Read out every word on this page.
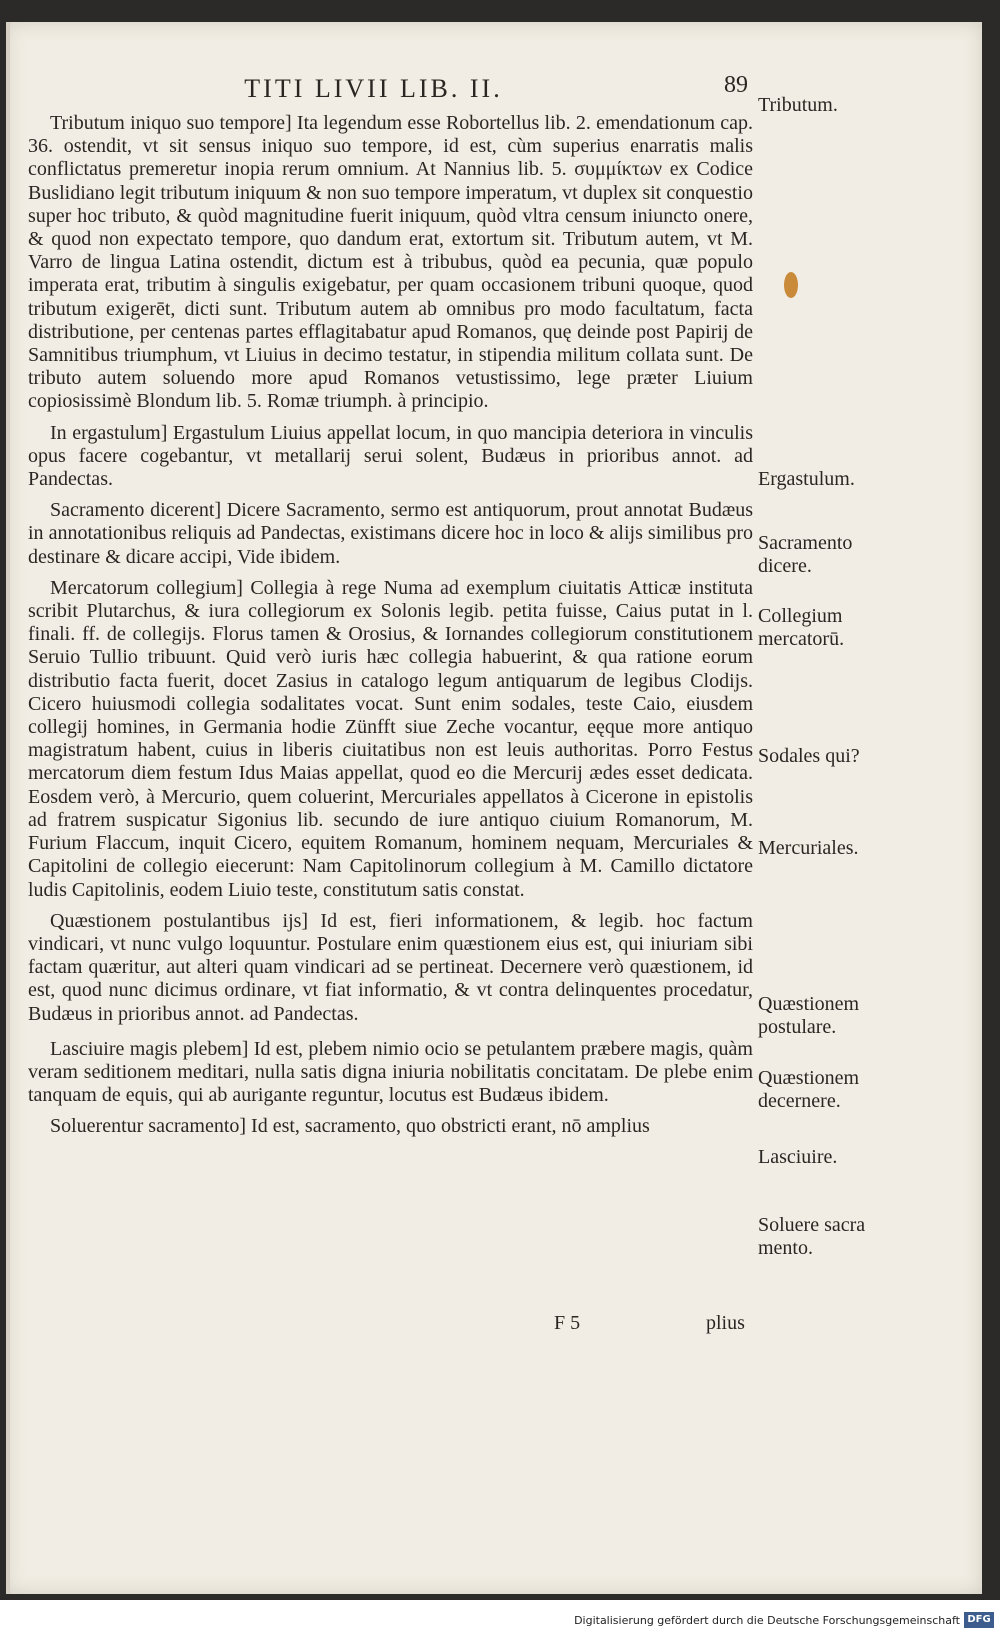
TITI LIVII LIB. II.	89

Tributum iniquo suo tempore] Ita legendum esse Robortellus lib. 2. emendationum cap. 36. ostendit, vt sit sensus iniquo suo tempore, id est, cùm superius enarratis malis conflictatus premeretur inopia rerum omnium. At Nannius lib. 5. συμμίκτων ex Codice Buslidiano legit tributum iniquum & non suo tempore imperatum, vt duplex sit conquestio super hoc tributo, & quòd magnitudine fuerit iniquum, quòd vltra censum iniuncto onere, & quod non expectato tempore, quo dandum erat, extortum sit. Tributum autem, vt M. Varro de lingua Latina ostendit, dictum est à tribubus, quòd ea pecunia, quæ populo imperata erat, tributim à singulis exigebatur, per quam occasionem tribuni quoque, quod tributum exigerēt, dicti sunt. Tributum autem ab omnibus pro modo facultatum, facta distributione, per centenas partes efflagitabatur apud Romanos, quę deinde post Papirij de Samnitibus triumphum, vt Liuius in decimo testatur, in stipendia militum collata sunt. De tributo autem soluendo more apud Romanos vetustissimo, lege præter Liuium copiosissimè Blondum lib. 5. Romæ triumph. à principio.

In ergastulum] Ergastulum Liuius appellat locum, in quo mancipia deteriora in vinculis opus facere cogebantur, vt metallarij serui solent, Budæus in prioribus annot. ad Pandectas.

Sacramento dicerent] Dicere Sacramento, sermo est antiquorum, prout annotat Budæus in annotationibus reliquis ad Pandectas, existimans dicere hoc in loco & alijs similibus pro destinare & dicare accipi, Vide ibidem.

Mercatorum collegium] Collegia à rege Numa ad exemplum ciuitatis Atticæ instituta scribit Plutarchus, & iura collegiorum ex Solonis legib. petita fuisse, Caius putat in l. finali. ff. de collegijs. Florus tamen & Orosius, & Iornandes collegiorum constitutionem Seruio Tullio tribuunt. Quid verò iuris hæc collegia habuerint, & qua ratione eorum distributio facta fuerit, docet Zasius in catalogo legum antiquarum de legibus Clodijs. Cicero huiusmodi collegia sodalitates vocat. Sunt enim sodales, teste Caio, eiusdem collegij homines, in Germania hodie Zünfft siue Zeche vocantur, eęque more antiquo magistratum habent, cuius in liberis ciuitatibus non est leuis authoritas. Porro Festus mercatorum diem festum Idus Maias appellat, quod eo die Mercurij ædes esset dedicata. Eosdem verò, à Mercurio, quem coluerint, Mercuriales appellatos à Cicerone in epistolis ad fratrem suspicatur Sigonius lib. secundo de iure antiquo ciuium Romanorum, M. Furium Flaccum, inquit Cicero, equitem Romanum, hominem nequam, Mercuriales & Capitolini de collegio eiecerunt: Nam Capitolinorum collegium à M. Camillo dictatore ludis Capitolinis, eodem Liuio teste, constitutum satis constat.

Quæstionem postulantibus ijs] Id est, fieri informationem, & legib. hoc factum vindicari, vt nunc vulgo loquuntur. Postulare enim quæstionem eius est, qui iniuriam sibi factam quæritur, aut alteri quam vindicari ad se pertineat. Decernere verò quæstionem, id est, quod nunc dicimus ordinare, vt fiat informatio, & vt contra delinquentes procedatur, Budæus in prioribus annot. ad Pandectas.

Lasciuire magis plebem] Id est, plebem nimio ocio se petulantem præbere magis, quàm veram seditionem meditari, nulla satis digna iniuria nobilitatis concitatam. De plebe enim tanquam de equis, qui ab aurigante reguntur, locutus est Budæus ibidem.

Soluerentur sacramento] Id est, sacramento, quo obstricti erant, nō amplius

Tributum.
Ergastulum.
Sacramento
dicere.
Collegium
mercatorū.
Sodales qui?
Mercuriales.
Quæstionem
postulare.
Quæstionem
decernere.
Lasciuire.
Soluere sacra
mento.
F 5	plius
Digitalisierung gefördert durch die Deutsche Forschungsgemeinschaft DFG
